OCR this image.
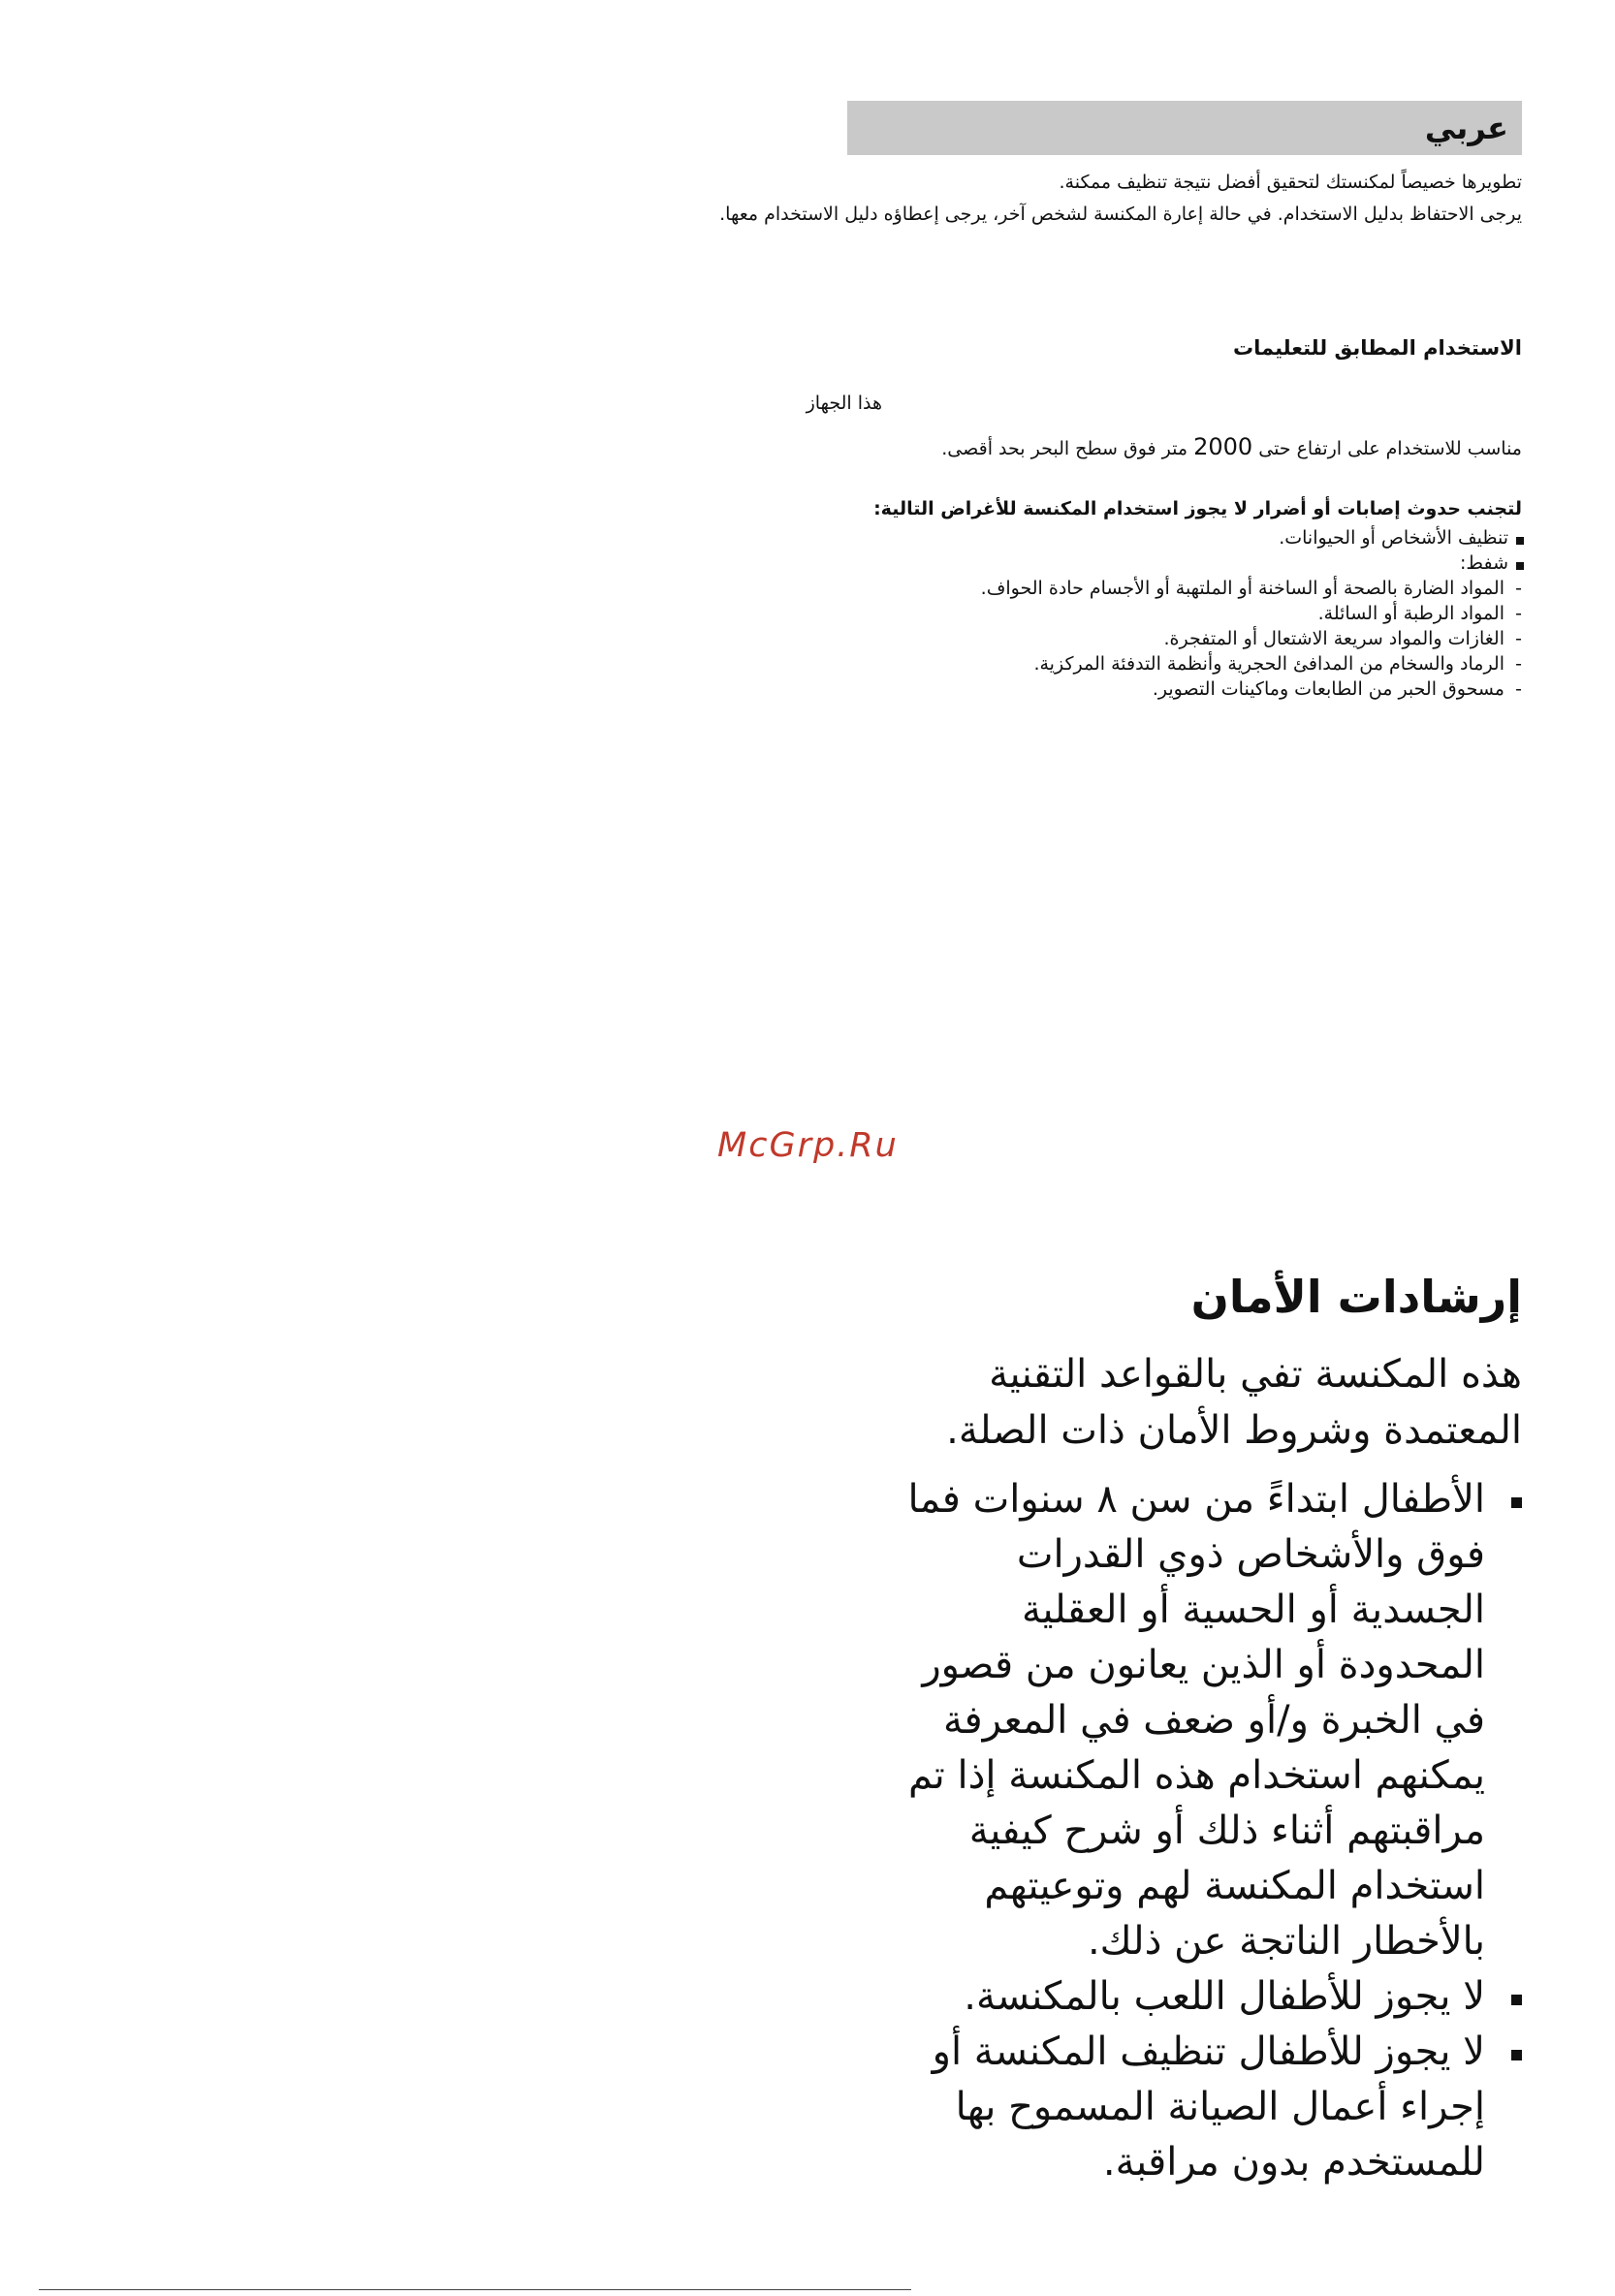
عربي

تطويرها خصيصاً لمكنستك لتحقيق أفضل نتيجة تنظيف ممكنة.

يرجى الاحتفاظ بدليل الاستخدام. في حالة إعارة المكنسة لشخص آخر، يرجى إعطاؤه دليل الاستخدام معها.

الاستخدام المطابق للتعليمات

هذا الجهاز

مناسب للاستخدام على ارتفاع حتى 2000 متر فوق سطح البحر بحد أقصى.

لتجنب حدوث إصابات أو أضرار لا يجوز استخدام المكنسة للأغراض التالية:

تنظيف الأشخاص أو الحيوانات.
شفط:
-المواد الضارة بالصحة أو الساخنة أو الملتهبة أو الأجسام حادة الحواف.
-المواد الرطبة أو السائلة.
-الغازات والمواد سريعة الاشتعال أو المتفجرة.
-الرماد والسخام من المدافئ الحجرية وأنظمة التدفئة المركزية.
-مسحوق الحبر من الطابعات وماكينات التصوير.
McGrp.Ru
إرشادات الأمان

هذه المكنسة تفي بالقواعد التقنية المعتمدة وشروط الأمان ذات الصلة.

الأطفال ابتداءً من سن ٨ سنوات فما فوق والأشخاص ذوي القدرات الجسدية أو الحسية أو العقلية المحدودة أو الذين يعانون من قصور في الخبرة و/أو ضعف في المعرفة يمكنهم استخدام هذه المكنسة إذا تم مراقبتهم أثناء ذلك أو شرح كيفية استخدام المكنسة لهم وتوعيتهم بالأخطار الناتجة عن ذلك.
لا يجوز للأطفال اللعب بالمكنسة.
لا يجوز للأطفال تنظيف المكنسة أو إجراء أعمال الصيانة المسموح بها للمستخدم بدون مراقبة.
